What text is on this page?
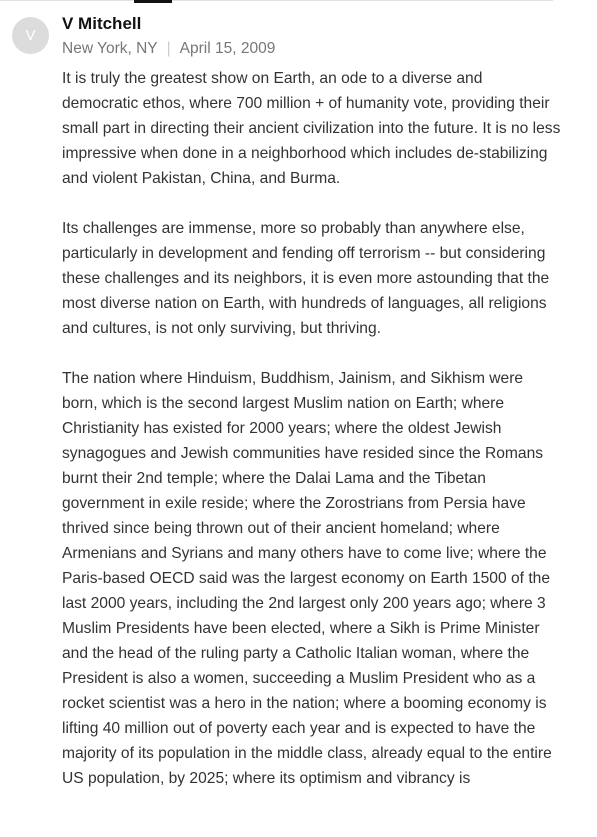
V
V Mitchell
New York, NY | April 15, 2009

It is truly the greatest show on Earth, an ode to a diverse and democratic ethos, where 700 million + of humanity vote, providing their small part in directing their ancient civilization into the future. It is no less impressive when done in a neighborhood which includes de-stabilizing and violent Pakistan, China, and Burma.

Its challenges are immense, more so probably than anywhere else, particularly in development and fending off terrorism -- but considering these challenges and its neighbors, it is even more astounding that the most diverse nation on Earth, with hundreds of languages, all religions and cultures, is not only surviving, but thriving.

The nation where Hinduism, Buddhism, Jainism, and Sikhism were born, which is the second largest Muslim nation on Earth; where Christianity has existed for 2000 years; where the oldest Jewish synagogues and Jewish communities have resided since the Romans burnt their 2nd temple; where the Dalai Lama and the Tibetan government in exile reside; where the Zorostrians from Persia have thrived since being thrown out of their ancient homeland; where Armenians and Syrians and many others have to come live; where the Paris-based OECD said was the largest economy on Earth 1500 of the last 2000 years, including the 2nd largest only 200 years ago; where 3 Muslim Presidents have been elected, where a Sikh is Prime Minister and the head of the ruling party a Catholic Italian woman, where the President is also a women, succeeding a Muslim President who as a rocket scientist was a hero in the nation; where a booming economy is lifting 40 million out of poverty each year and is expected to have the majority of its population in the middle class, already equal to the entire US population, by 2025; where its optimism and vibrancy is
